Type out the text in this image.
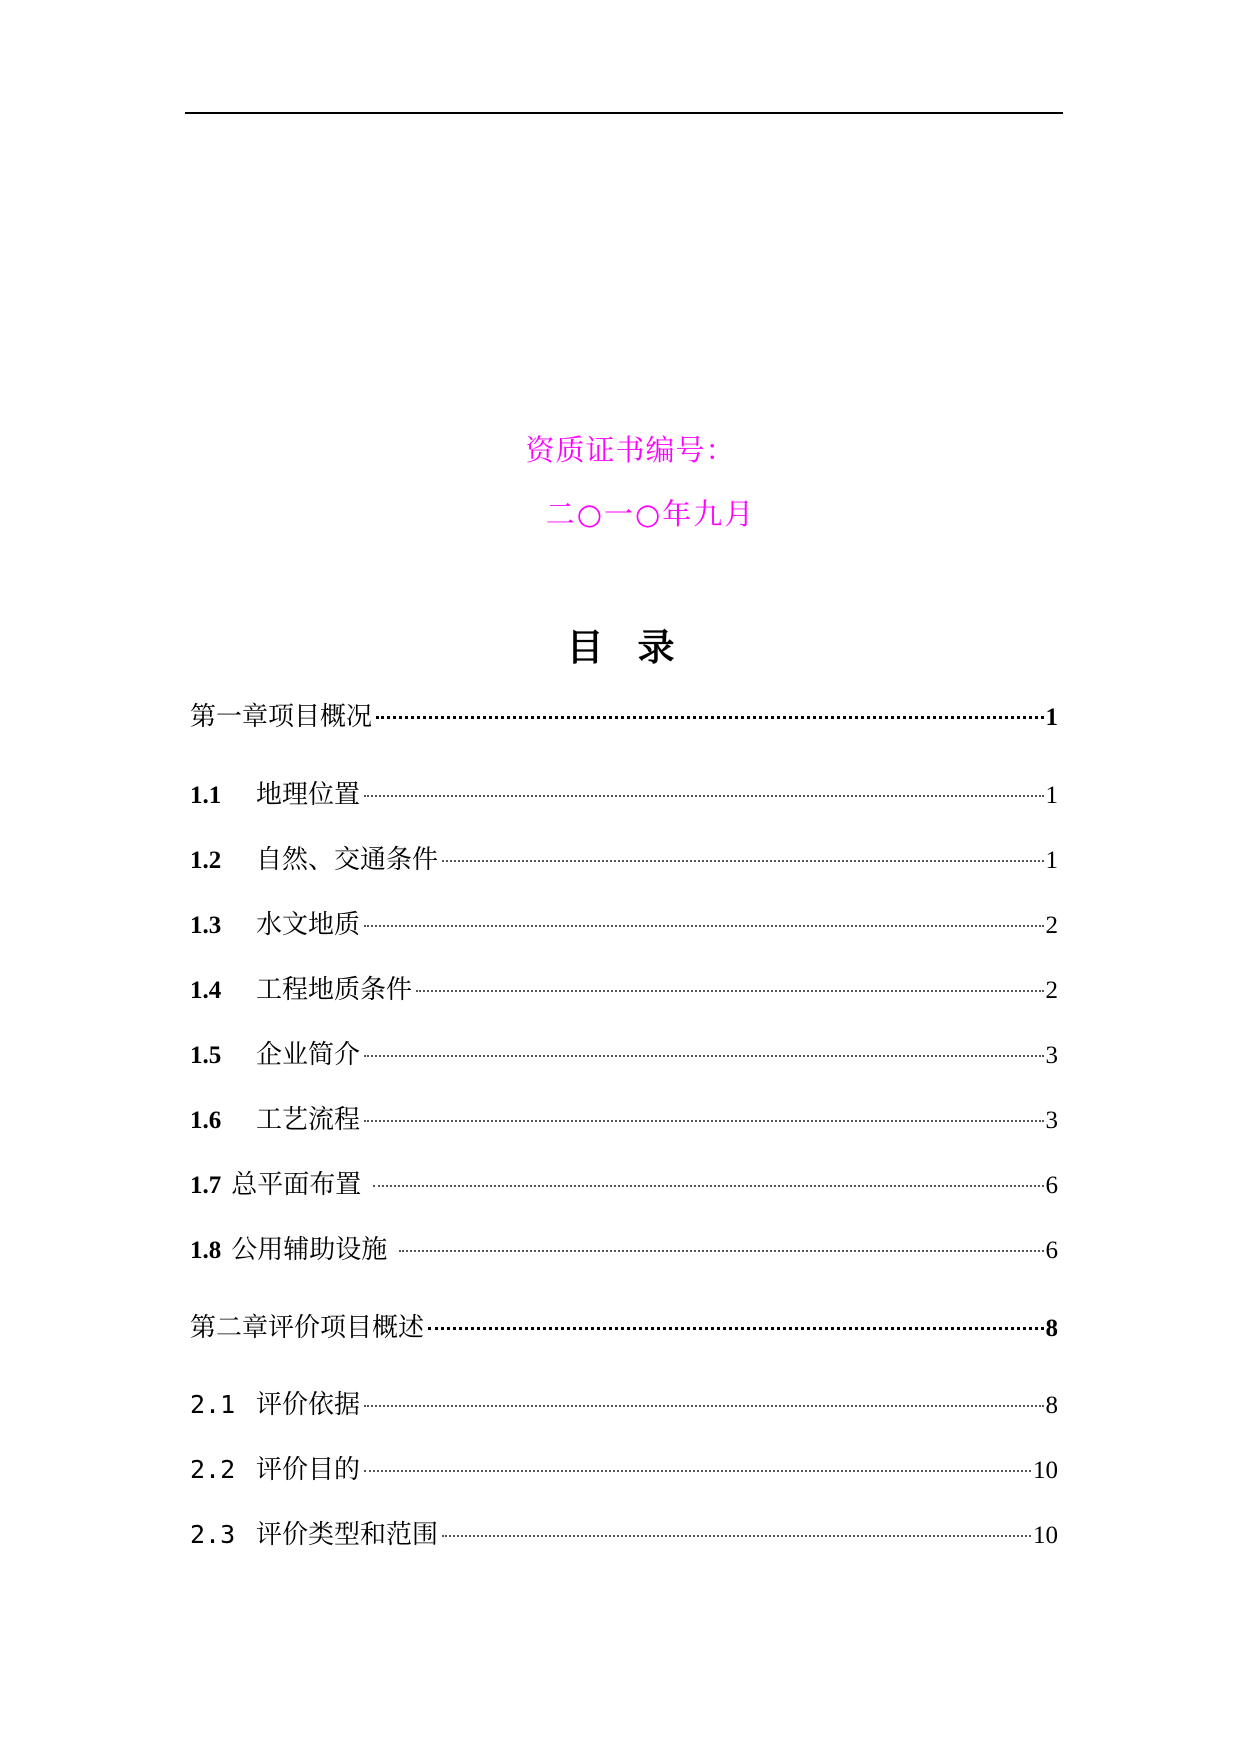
资质证书编号：
二○一○年九月
目录
第一章项目概况	1
1.1	地理位置	1
1.2	自然、交通条件	1
1.3	水文地质	2
1.4	工程地质条件	2
1.5	企业简介	3
1.6	工艺流程	3
1.7 总平面布置	6
1.8 公用辅助设施	6
第二章评价项目概述	8
2.1 评价依据	8
2.2 评价目的	10
2.3 评价类型和范围	10
